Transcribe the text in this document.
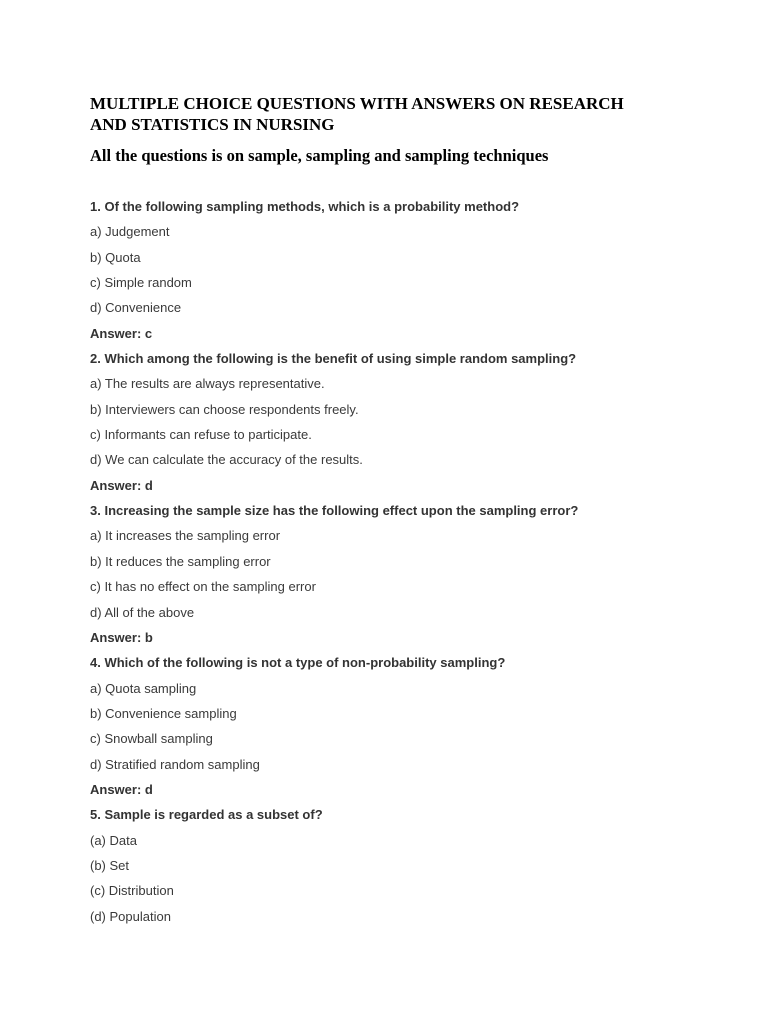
MULTIPLE CHOICE QUESTIONS WITH ANSWERS ON RESEARCH
AND STATISTICS IN NURSING
All the questions is on sample, sampling and sampling techniques
1. Of the following sampling methods, which is a probability method?
a) Judgement
b) Quota
c) Simple random
d) Convenience
Answer: c
2. Which among the following is the benefit of using simple random sampling?
a) The results are always representative.
b) Interviewers can choose respondents freely.
c) Informants can refuse to participate.
d) We can calculate the accuracy of the results.
Answer: d
3. Increasing the sample size has the following effect upon the sampling error?
a) It increases the sampling error
b) It reduces the sampling error
c) It has no effect on the sampling error
d) All of the above
Answer: b
4. Which of the following is not a type of non-probability sampling?
a) Quota sampling
b) Convenience sampling
c) Snowball sampling
d) Stratified random sampling
Answer: d
5. Sample is regarded as a subset of?
(a) Data
(b) Set
(c) Distribution
(d) Population
